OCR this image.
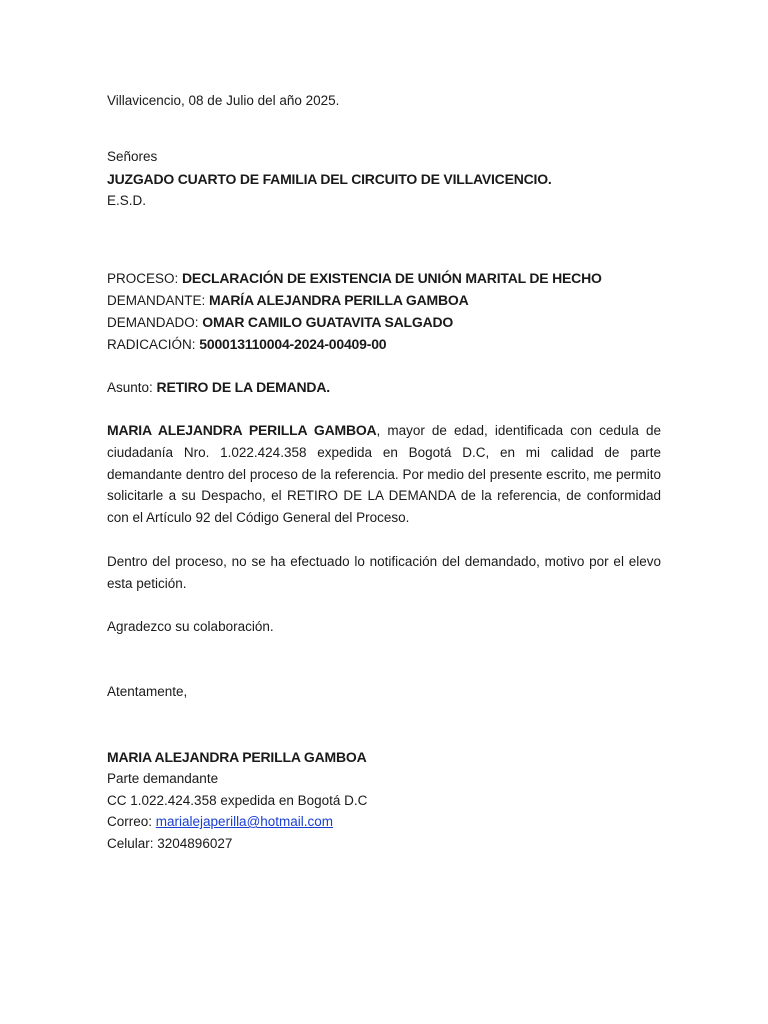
Villavicencio, 08 de Julio del año 2025.
Señores
JUZGADO CUARTO DE FAMILIA DEL CIRCUITO DE VILLAVICENCIO.
E.S.D.
PROCESO: DECLARACIÓN DE EXISTENCIA DE UNIÓN MARITAL DE HECHO
DEMANDANTE: MARÍA ALEJANDRA PERILLA GAMBOA
DEMANDADO: OMAR CAMILO GUATAVITA SALGADO
RADICACIÓN: 500013110004-2024-00409-00
Asunto: RETIRO DE LA DEMANDA.
MARIA ALEJANDRA PERILLA GAMBOA, mayor de edad, identificada con cedula de ciudadanía Nro. 1.022.424.358 expedida en Bogotá D.C, en mi calidad de parte demandante dentro del proceso de la referencia. Por medio del presente escrito, me permito solicitarle a su Despacho, el RETIRO DE LA DEMANDA de la referencia, de conformidad con el Artículo 92 del Código General del Proceso.
Dentro del proceso, no se ha efectuado lo notificación del demandado, motivo por el elevo esta petición.
Agradezco su colaboración.
Atentamente,
MARIA ALEJANDRA PERILLA GAMBOA
Parte demandante
CC 1.022.424.358 expedida en Bogotá D.C
Correo: marialejaperilla@hotmail.com
Celular: 3204896027
